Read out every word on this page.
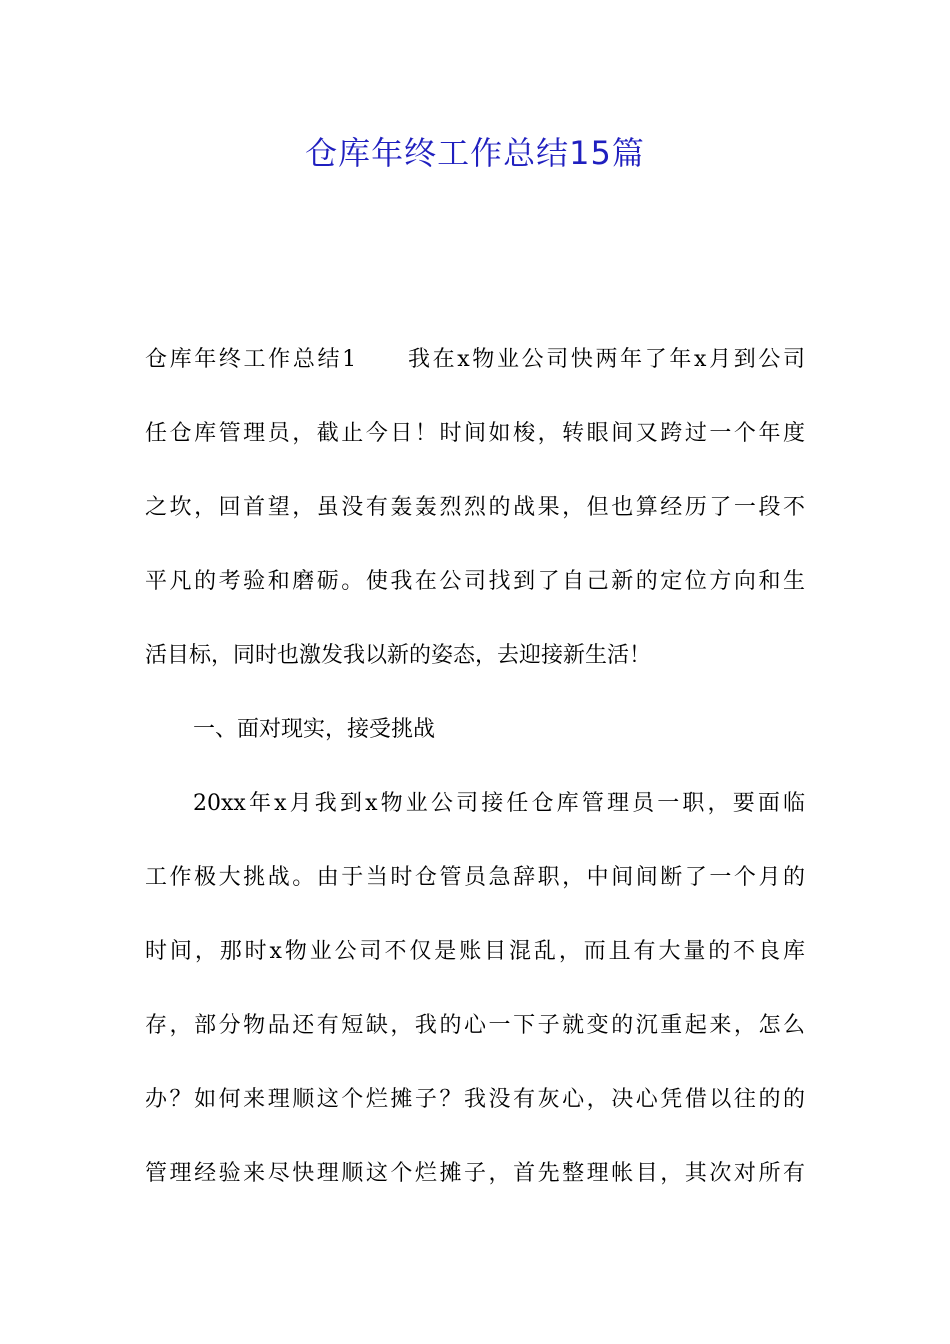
仓库年终工作总结15篇
仓库年终工作总结1　　我在x物业公司快两年了年x月到公司
任仓库管理员，截止今日！时间如梭，转眼间又跨过一个年度
之坎，回首望，虽没有轰轰烈烈的战果，但也算经历了一段不
平凡的考验和磨砺。使我在公司找到了自己新的定位方向和生
活目标，同时也激发我以新的姿态，去迎接新生活！
一、面对现实，接受挑战
20xx年x月我到x物业公司接任仓库管理员一职，要面临
工作极大挑战。由于当时仓管员急辞职，中间间断了一个月的
时间，那时x物业公司不仅是账目混乱，而且有大量的不良库
存，部分物品还有短缺，我的心一下子就变的沉重起来，怎么
办？如何来理顺这个烂摊子？我没有灰心，决心凭借以往的的
管理经验来尽快理顺这个烂摊子，首先整理帐目，其次对所有
